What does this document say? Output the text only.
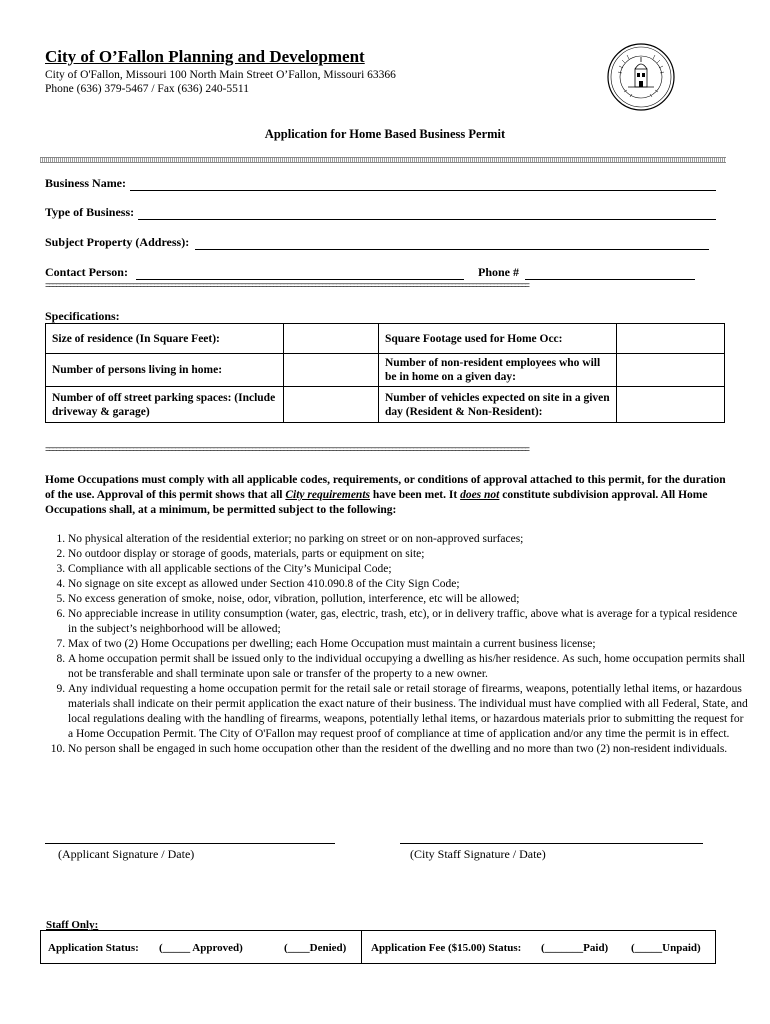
City of O’Fallon Planning and Development
City of O'Fallon, Missouri 100 North Main Street O’Fallon, Missouri 63366
Phone (636) 379-5467 / Fax (636) 240-5511
Application for Home Based Business Permit
Business Name:
Type of Business:
Subject Property (Address):
Contact Person:	Phone #
==========================================================================================================================================
Specifications:
Size of residence (In Square Feet):		Square Footage used for Home Occ:	
Number of persons living in home:		Number of non-resident employees who will be in home on a given day:	
Number of off street parking spaces: (Include driveway & garage)		Number of vehicles expected on site in a given day (Resident & Non-Resident):	
==========================================================================================================================================
Home Occupations must comply with all applicable codes, requirements, or conditions of approval attached to this permit, for the duration of the use. Approval of this permit shows that all City requirements have been met. It does not constitute subdivision approval. All Home Occupations shall, at a minimum, be permitted subject to the following:
1. No physical alteration of the residential exterior; no parking on street or on non-approved surfaces;
2. No outdoor display or storage of goods, materials, parts or equipment on site;
3. Compliance with all applicable sections of the City’s Municipal Code;
4. No signage on site except as allowed under Section 410.090.8 of the City Sign Code;
5. No excess generation of smoke, noise, odor, vibration, pollution, interference, etc will be allowed;
6. No appreciable increase in utility consumption (water, gas, electric, trash, etc), or in delivery traffic, above what is average for a typical residence in the subject’s neighborhood will be allowed;
7. Max of two (2) Home Occupations per dwelling; each Home Occupation must maintain a current business license;
8. A home occupation permit shall be issued only to the individual occupying a dwelling as his/her residence. As such, home occupation permits shall not be transferable and shall terminate upon sale or transfer of the property to a new owner.
9. Any individual requesting a home occupation permit for the retail sale or retail storage of firearms, weapons, potentially lethal items, or hazardous materials shall indicate on their permit application the exact nature of their business. The individual must have complied with all Federal, State, and local regulations dealing with the handling of firearms, weapons, potentially lethal items, or hazardous materials prior to submitting the request for a Home Occupation Permit. The City of O'Fallon may request proof of compliance at time of application and/or any time the permit is in effect.
10. No person shall be engaged in such home occupation other than the resident of the dwelling and no more than two (2) non-resident individuals.
(Applicant Signature / Date)	(City Staff Signature / Date)
Staff Only:
Application Status: (_____ Approved)	(____Denied) Application Fee ($15.00) Status: (_______Paid) (_____Unpaid)
